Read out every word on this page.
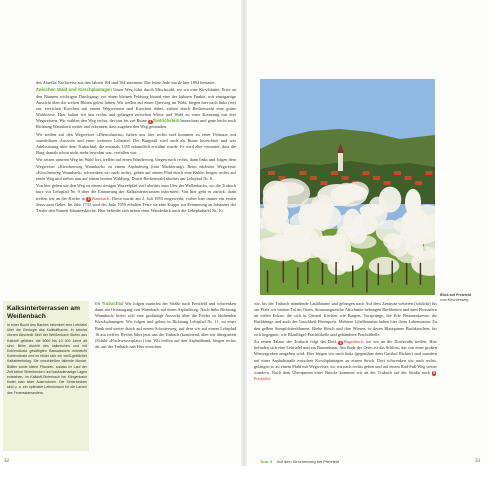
des Abreilte Nachweise aus den Jahren 164 und 164 stammen. Der letzte Jude wurde hier 1894 bestattet.

Zwischen Wald und Kirschplantagen Unser Weg führt durch Mischwald, wo wir eine Kirschhütte, Erste an den Bäumen wichtigen Durchgang; vor einen kleinen Feldweg hinauf eine der kühnen Punkte, mit einzigartige Aussicht über die weiten Blüten gelöst haben. Wir treffen auf einen Querweg im Wald, biegen hier nach links (rot) ein, erreichen Kirschen mit einem Wegweisern und Kirschen dabei, ziehen durch Beckenwald eine grüne Waldwiese. Hier halten wir uns rechts und gelangen zwischen Wiese und Wald zu einer Kreuzung mit drei Wegweisern. Wir wählen den Weg rechts, der uns bis zur Ruine 2 Dietrichstein bezeichnet und ganz leicht nach Richtung Waunbach weiter und erkennen, dass zugehen den Weg gestanden.

Wir treffen auf den Wegweiser »Dietrichstein«, halten uns hier rechts und kommen zu einer Felsnase mit wunderbarer Aussicht und einer weiteren Lehrtafel. Der Burgstall wird auch als Ruine bezeichnet und war Adelssitzung über dem Trubachtal, die erstmals 1355 urkundlich erwähnt wurde. Es wird eher vermutet, dass die Burg damals schon nicht mehr bewohnt war, verfallen war.

Wir setzen unseren Weg im Wald fort, treffen auf einen Wanderweg, biegen nach rechts, dann links und folgen dem Wegweiser »Kirschenweg Waunbach« zu einem Asphaltweg (rote Markierung). Beim nächsten Wegweiser »Kirschenweg Waunbach« schwenken wir nach rechts, gehen auf einem Pfad durch eine Kuhle, biegen rechts auf einen Weg und stehen nun auf einem breiten Waldweg. Durch Beckenwald abwärts am Lehrpfad Nr. 8.

Von hier gehen wir den Weg zu einem riesigen Wurzelpfad steil abwärts zum Ufer der Wellenbachs, wo die Trubach kurz vor Lehrpfad Nr. 9 über die Erinnerung der Kalksinterterrassen informiert. Von hier geht es zurück, dann treffen wir an der Kirche in 3 Wannbach. Diese wurde am 2. Juli 1953 eingeweiht, vorher hier immer ein ersten Jesus zum Gebet. Im Jahr 1733 wird der Jude 1959 erhalten Feste sie eine Krippe zur Erinnerung an Johannes der Täufer den Namen Johanneskirche. Hier befindet sich neben einer Wanderkirk auch die Lehrpfadtafel Nr. 10.

Kalksinterterrassen am Weißenbach
In einer Bucht des Baches informiert eine Lehrtafel über die Geologie des Kalktuffbachs. In seinem oberen Abschnitt führt der Weißenbach Stufen aus Kalktuff gebildet, die 5000 bis 10 000 Jahre alt sind. Beim Austritt des kalkreichen und mit Kohlendioxid gesättigten Basswassers entweicht Kohlendioxid und es bildet sich ein weiß-gelblicher Kalksinterbelag. Sie umschließen fallende Moose, Blätter sowie kleine Pflanzen, sodass im Lauf der Zeit kleine Sinterbecken und kaskadenartige Lagen entstehen, im Kalktuff-Sinterbach bei Klingenbach findet man beim Ausrrocknen. Die Sinterbecken sind u. a. ein optimaler Lebensraum für die Larven des Feuersalamanders.

Im Trubachtal Wir folgen zunächst der Straße nach Pretzfeld und schwenken dann am Ortsausgang von Wannbach auf einen Asphaltweg. Nach links Richtung Wannbach, bietet sich eine großartige Aussicht über die Felder zu blühenden Kirschplantagen. Wir folgen und gehen in Richtung Lehrpfad Nr. 11, zu einer Bank und weiter durch auf einem Schotterweg, auf dem wir auf einem Lehrpfad 16 aus treffen. Rechts führt jetzt uns die Trubach (kommend, über wir übergueren (Schild »Fischwasserplatz«) hin. Wir treffen auf den Asphaltband, biegen rechts ab, auf der Trubach nah Hier erreichen

Blick auf Pretzfeld
vom Kirschenweg

wir, bis der Trubach mündende Laubbäume und gelangen nach Auf dem Zentrum weiteren (schlicht) bis zur Pfalz wir breiten Tal im Osten, Stromungsreiche Abschnitte bebengen Bachbetten und zum Flussufern an vielen Ecken, die sich in Ortsteil Kirchen wie Burgen, Vorsprünge, die Erle Brunnenkresse, die Bachbünge und auch der Gauchheil-Ehrenpreis. Mehrere Libellenarten haben hier ihren Lebensraum. Zu den gelben Sumpfdotterblumen, Biebe Bösch und ihre Wiesen, in deren Blauquinne Bachkirschen, bis sich begegnen, wie Blauflügel-Prachtlibelle und gebänderte Prachtlibelle.

Zu ersten Talaue der Trubach folgt das Dorf 4 Hagenbach, wo wir an die Dorfstraße treffen. Hier befinden sich eine Lehrtafel und ein Bauernhaus. Am Ende des Ortes ist das Schloss, das von einer großen Wassergraben umgeben wird. Hier biegen wir nach links (gegenüber dem Gasthof Richter) und wandern auf einer Asphaltstraße zwischen Kirschplantagen zu einem Strich. Dort schwenken wir nach rechts, gelangen so zu einem Pfahl mit Wegweiser, wo wir nach rechts gehen und auf einem Rad-Fuß-Weg weiter wandern. Nach dem Überqueren einer Brücke kommen wir an der Trubach auf der Straße nach 5Pretzfeld.

32	Tour 3 Auf dem Kirschenweg bei Pretzfeld	33
